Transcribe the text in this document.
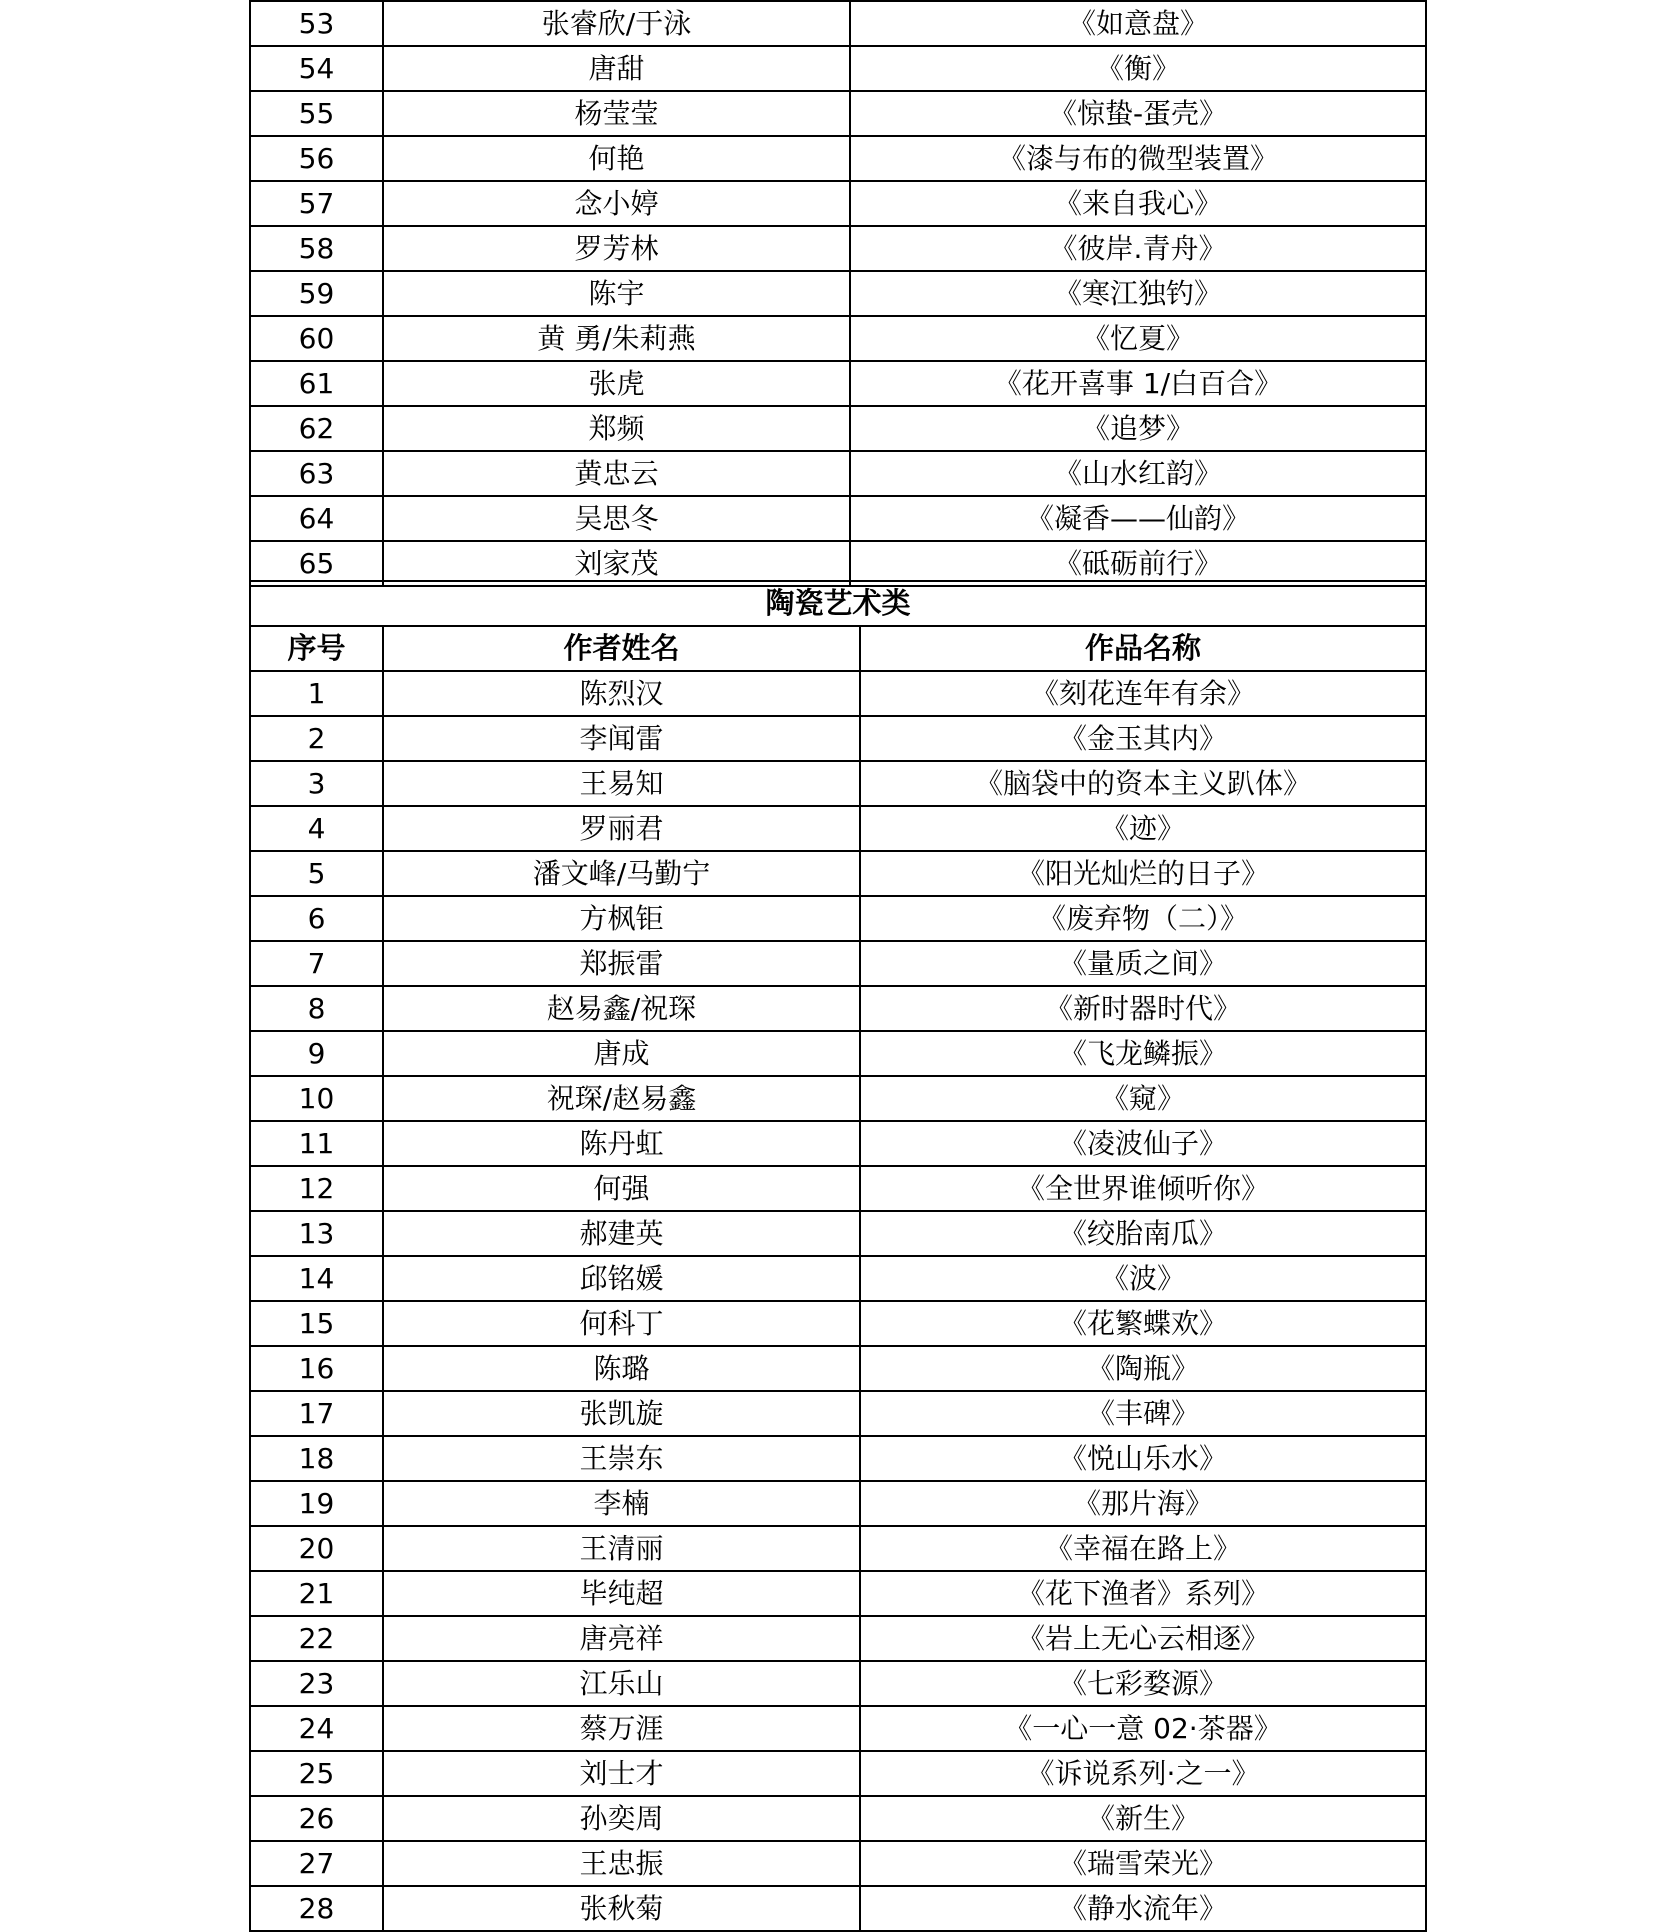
53	张睿欣/于泳	《如意盘》
54	唐甜	《衡》
55	杨莹莹	《惊蛰-蛋壳》
56	何艳	《漆与布的微型装置》
57	念小婷	《来自我心》
58	罗芳林	《彼岸.青舟》
59	陈宇	《寒江独钓》
60	黄 勇/朱莉燕	《忆夏》
61	张虎	《花开喜事 1/白百合》
62	郑频	《追梦》
63	黄忠云	《山水红韵》
64	吴思冬	《凝香——仙韵》
65	刘家茂	《砥砺前行》
陶瓷艺术类		
序号	作者姓名	作品名称
1	陈烈汉	《刻花连年有余》
2	李闻雷	《金玉其内》
3	王易知	《脑袋中的资本主义趴体》
4	罗丽君	《迹》
5	潘文峰/马勤宁	《阳光灿烂的日子》
6	方枫钜	《废弃物（二）》
7	郑振雷	《量质之间》
8	赵易鑫/祝琛	《新时器时代》
9	唐成	《飞龙鳞振》
10	祝琛/赵易鑫	《窥》
11	陈丹虹	《凌波仙子》
12	何强	《全世界谁倾听你》
13	郝建英	《绞胎南瓜》
14	邱铭媛	《波》
15	何科丁	《花繁蝶欢》
16	陈璐	《陶瓶》
17	张凯旋	《丰碑》
18	王崇东	《悦山乐水》
19	李楠	《那片海》
20	王清丽	《幸福在路上》
21	毕纯超	《花下渔者》系列》
22	唐亮祥	《岩上无心云相逐》
23	江乐山	《七彩婺源》
24	蔡万涯	《一心一意 02·茶器》
25	刘士才	《诉说系列·之一》
26	孙奕周	《新生》
27	王忠振	《瑞雪荣光》
28	张秋菊	《静水流年》
